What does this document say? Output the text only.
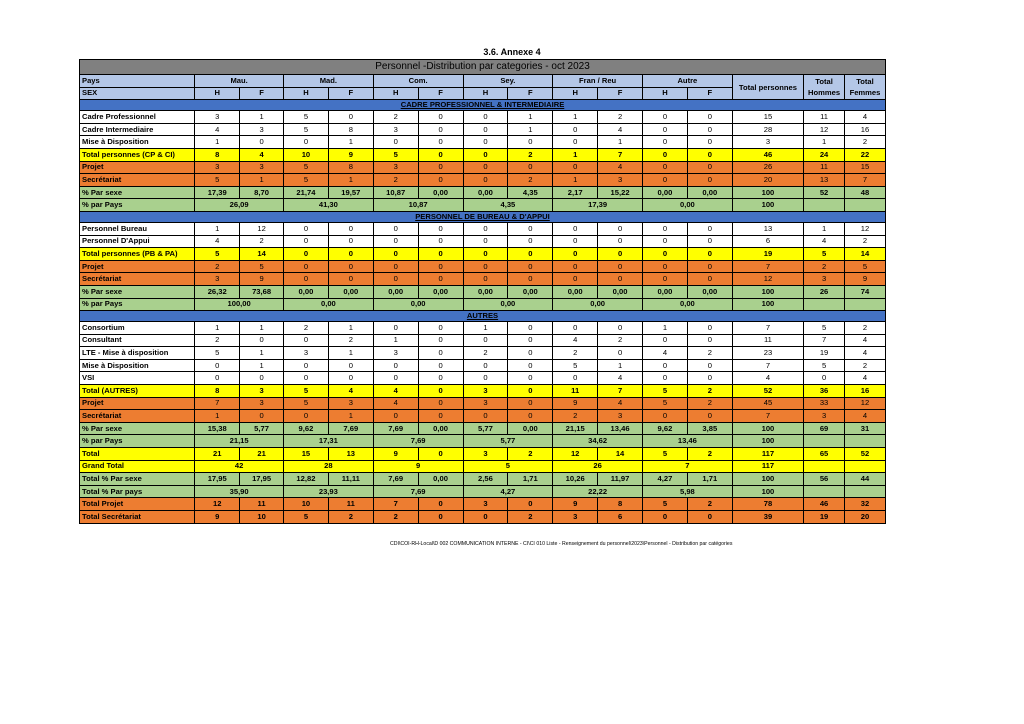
3.6. Annexe 4
Personnel -Distribution par categories - oct 2023															
Pays	Mau.		Mad.		Com.		Sey.		Fran / Reu		Autre		Total personnes	Total Hommes	Total Femmes
SEX	H	F	H	F	H	F	H	F	H	F	H	F			
CADRE PROFESSIONNEL & INTERMEDIAIRE															
Cadre Professionnel	3	1	5	0	2	0	0	1	1	2	0	0	15	11	4
Cadre Intermediaire	4	3	5	8	3	0	0	1	0	4	0	0	28	12	16
Mise à Disposition	1	0	0	1	0	0	0	0	0	1	0	0	3	1	2
Total personnes (CP & CI)	8	4	10	9	5	0	0	2	1	7	0	0	46	24	22
Projet	3	3	5	8	3	0	0	0	0	4	0	0	26	11	15
Secrétariat	5	1	5	1	2	0	0	2	1	3	0	0	20	13	7
% Par sexe	17,39	8,70	21,74	19,57	10,87	0,00	0,00	4,35	2,17	15,22	0,00	0,00	100	52	48
% par Pays	26,09		41,30		10,87		4,35		17,39		0,00		100		
PERSONNEL DE BUREAU & D'APPUI															
Personnel Bureau	1	12	0	0	0	0	0	0	0	0	0	0	13	1	12
Personnel D'Appui	4	2	0	0	0	0	0	0	0	0	0	0	6	4	2
Total personnes (PB & PA)	5	14	0	0	0	0	0	0	0	0	0	0	19	5	14
Projet	2	5	0	0	0	0	0	0	0	0	0	0	7	2	5
Secrétariat	3	9	0	0	0	0	0	0	0	0	0	0	12	3	9
% Par sexe	26,32	73,68	0,00	0,00	0,00	0,00	0,00	0,00	0,00	0,00	0,00	0,00	100	26	74
% par Pays	100,00		0,00		0,00		0,00		0,00		0,00		100		
AUTRES															
Consortium	1	1	2	1	0	0	1	0	0	0	1	0	7	5	2
Consultant	2	0	0	2	1	0	0	0	4	2	0	0	11	7	4
LTE - Mise à disposition	5	1	3	1	3	0	2	0	2	0	4	2	23	19	4
Mise à Disposition	0	1	0	0	0	0	0	0	5	1	0	0	7	5	2
VSI	0	0	0	0	0	0	0	0	0	4	0	0	4	0	4
Total (AUTRES)	8	3	5	4	4	0	3	0	11	7	5	2	52	36	16
Projet	7	3	5	3	4	0	3	0	9	4	5	2	45	33	12
Secrétariat	1	0	0	1	0	0	0	0	2	3	0	0	7	3	4
% Par sexe	15,38	5,77	9,62	7,69	7,69	0,00	5,77	0,00	21,15	13,46	9,62	3,85	100	69	31
% par Pays	21,15		17,31		7,69		5,77		34,62		13,46		100		
Total	21	21	15	13	9	0	3	2	12	14	5	2	117	65	52
Grand Total	42		28		9		5		26		7		117		
Total % Par sexe	17,95	17,95	12,82	11,11	7,69	0,00	2,56	1,71	10,26	11,97	4,27	1,71	100	56	44
Total % Par pays	35,90		23,93		7,69		4,27		22,22		5,98		100		
Total Projet	12	11	10	11	7	0	3	0	9	8	5	2	78	46	32
Total Secrétariat	9	10	5	2	2	0	0	2	3	6	0	0	39	19	20
CDI\COI-RH-Local\D 002 COMMUNICATION INTERNE - CI\CI 010 Liste - Renseignement du personnel\2023\Personnel - Distribution par catégories
